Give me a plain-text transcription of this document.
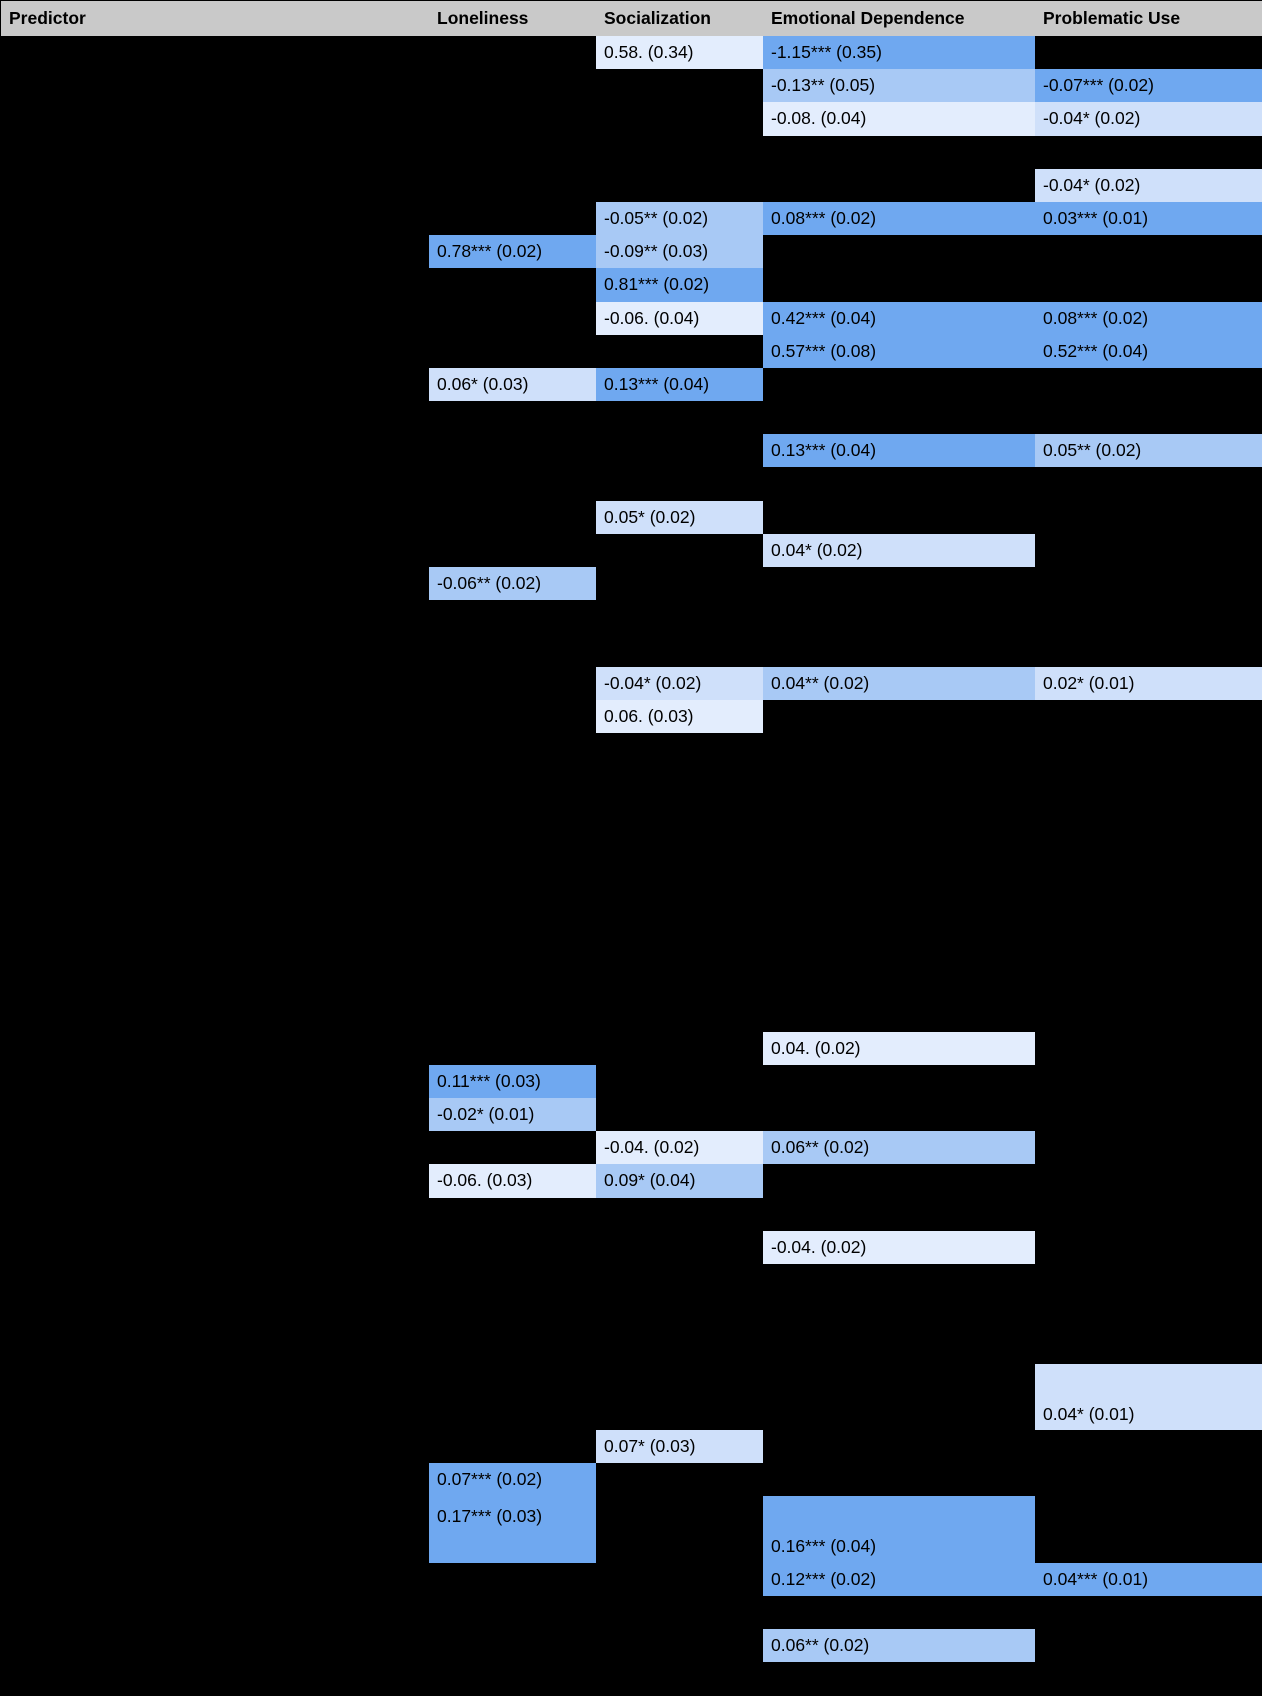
Predictor	Loneliness	Socialization	Emotional Dependence	Problematic Use
Intercept		0.58. (0.34)	-1.15*** (0.35)	

Engaging Voice Modality			-0.13** (0.05)	-0.07*** (0.02)

Voice Modality			-0.08. (0.04)	-0.04* (0.02)

Non-personal Conversation Topics	

Personal Conversation Topics				-0.04* (0.02)

Avg. Daily Duration (Minutes)		-0.05** (0.02)	0.08*** (0.02)	0.03*** (0.01)

Initial Loneliness	0.78*** (0.02)	-0.09** (0.03)		

Initial Socialization with Real People		0.81*** (0.02)		

Initial Emotional Dependence on AI		-0.06. (0.04)	0.42*** (0.04)	0.08*** (0.02)

Initial Problematic Usage of AI			0.57*** (0.08)	0.52*** (0.04)

Gender (Male)	0.06* (0.03)	0.13*** (0.04)		

Age	

Trust in AI			0.13*** (0.04)	0.05** (0.02)

Artificial Empathy - Perspective	

Artificial Empathy - Empathetic		0.05* (0.02)		

Artificial Empathy - Emotional			0.04* (0.02)	

State Empathy - Affective	-0.06** (0.02)			

State Empathy - Cognitive	

State Empathy - Associative	

Social Attraction (Seeing AI as friend)		-0.04* (0.02)	0.04** (0.02)	0.02* (0.01)

Physical Attraction		0.06. (0.03)		

Task Attraction (Liking the task)	

Conversation Quality	

Satisfaction	

Perceiving AI as Knowledgeable	

Perceiving AI as Human	

Perceiving AI as Natural	

Perceiving AI as Intelligent	

Perceiving AI as Sensible	

Perceiving AI as Lifelike	

Perceiving AI as Conscious			0.04. (0.02)	

Adult Attachment Levels	0.11*** (0.03)			

Attitude Towards AI (Positive)	-0.02* (0.01)			

Perceived AI Literacy		-0.04. (0.02)	0.06** (0.02)	

Alexithymia	-0.06. (0.03)	0.09* (0.04)		

Big Five Index - Extraversion	

Big Five Index - Agreeableness			-0.04. (0.02)	

Big Five Index - Conscientiousness	

Big Five Index - Neuroticism	

Vulnerability Toward Criticism or Denial	

Vulnerability Toward Worsening Relationships				0.04* (0.01)

Vulnerability Toward Interpersonal Discord		0.07* (0.03)		

Vulnerability Toward Emotional Avoidance	0.07*** (0.02)			

Human-AI Gender Difference
(Gender = Female, AI = Male)	0.17*** (0.03)		0.16*** (0.04)	

Prior Companion Chatbot Usage			0.12*** (0.02)	0.04*** (0.01)

Prior Assistant Chatbot Usage	

Prior ChatGPT (Text Mode) Usage			0.06** (0.02)	

Prior ChatGPT (Voice Mode) Usage	
